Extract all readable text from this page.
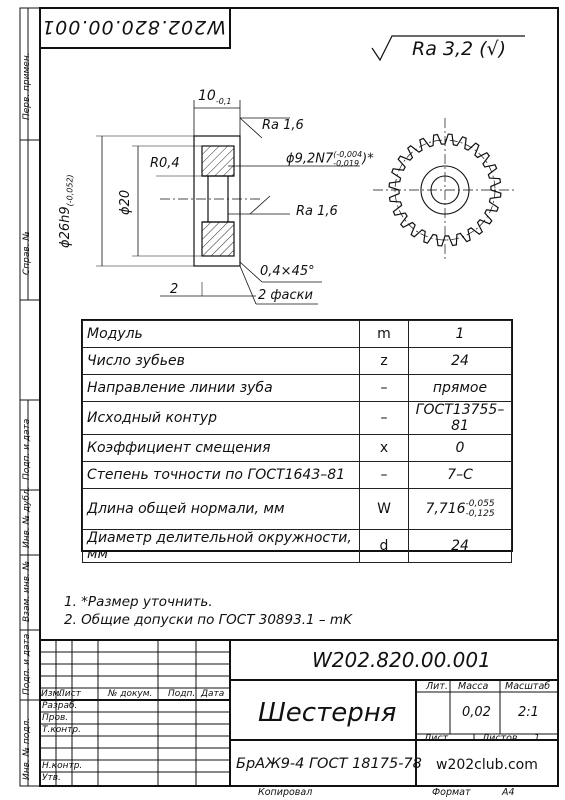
W202.820.00.001
Ra 3,2 (√)
$10_{-0,1}$
Ra 1,6
R0,4	ϕ9,2N7(-0,004
-0,019 )*
Ra 1,6
$\phi 26h9_{(-0,052)}$	ϕ20
0,4×45°
2	2 фаски
Модуль	m	1
Число зубьев	z	24
Направление линии зуба	–	прямое
Исходный контур	–	ГОСТ13755–81
Коэффициент смещения	x	0
Степень точности по ГОСТ1643–81	–	7–C
Длина общей нормали, мм	W	7,716-0,055
-0,125
Диаметр делительной окружности, мм	d	24
1. *Размер уточнить.
2. Общие допуски по ГОСТ 30893.1 – mK
Перв. примен.
Справ. №
Подп. и дата
Инв. № дубл.
Взам. инв. №
Подп. и дата
Инв. № подл.
W202.820.00.001
Изм.
Лист	№ докум. Подп. Дата
Разраб.
Пров.
Т.контр.
Н.контр.
Утв.
Шестерня
БрАЖ9-4 ГОСТ 18175-78
Лит. Масса Масштаб
0,02 2:1
Лист	Листов 1
w202club.com
Копировал	Формат	А4
